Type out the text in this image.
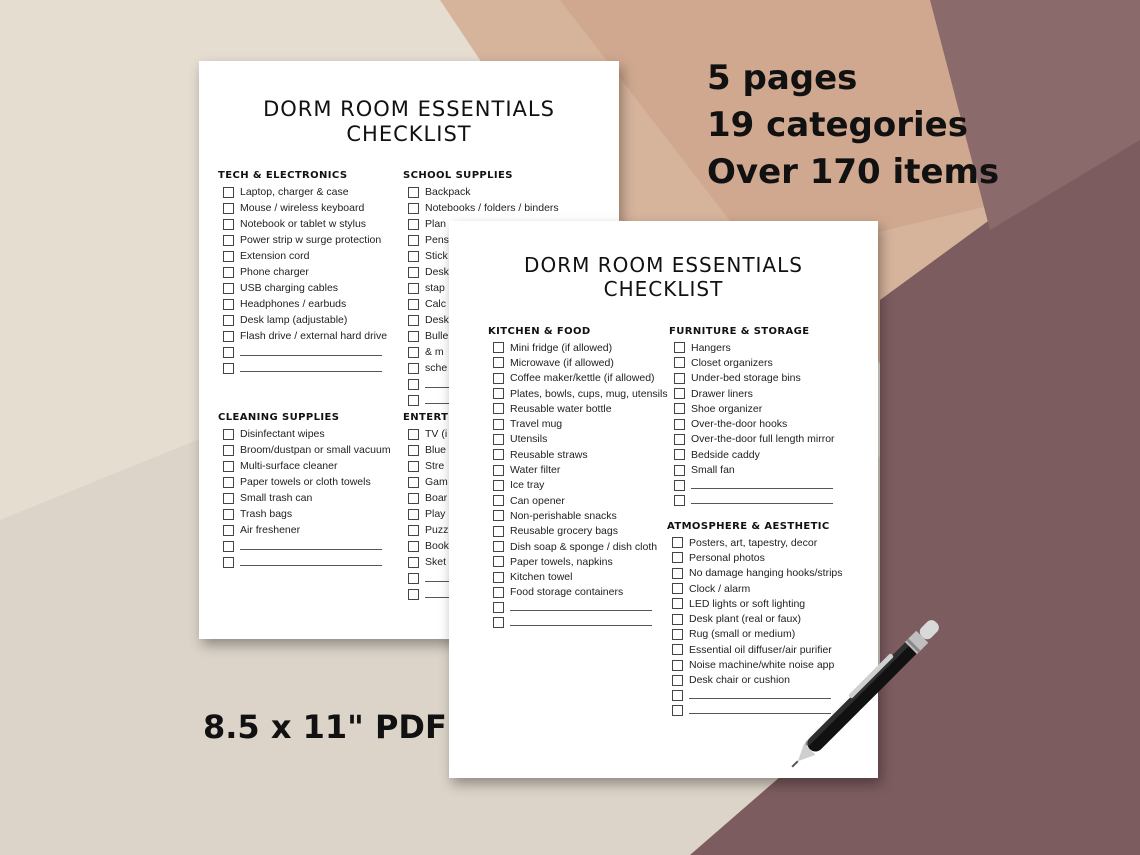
DORM ROOM ESSENTIALS
CHECKLIST
TECH & ELECTRONICS
Laptop, charger & case
Mouse / wireless keyboard
Notebook or tablet w stylus
Power strip w surge protection
Extension cord
Phone charger
USB charging cables
Headphones / earbuds
Desk lamp (adjustable)
Flash drive / external hard drive
SCHOOL SUPPLIES
Backpack
Notebooks / folders / binders
Plan
Pens
Stick
Desk
stap
Calc
Desk
Bulle
& m
sche
CLEANING SUPPLIES
Disinfectant wipes
Broom/dustpan or small vacuum
Multi-surface cleaner
Paper towels or cloth towels
Small trash can
Trash bags
Air freshener
ENTERT
TV (i
Blue
Stre
Gam
Boar
Play
Puzz
Book
Sket
DORM ROOM ESSENTIALS
CHECKLIST
KITCHEN & FOOD
Mini fridge (if allowed)
Microwave (if allowed)
Coffee maker/kettle (if allowed)
Plates, bowls, cups, mug, utensils
Reusable water bottle
Travel mug
Utensils
Reusable straws
Water filter
Ice tray
Can opener
Non-perishable snacks
Reusable grocery bags
Dish soap & sponge / dish cloth
Paper towels, napkins
Kitchen towel
Food storage containers
FURNITURE & STORAGE
Hangers
Closet organizers
Under-bed storage bins
Drawer liners
Shoe organizer
Over-the-door hooks
Over-the-door full length mirror
Bedside caddy
Small fan
ATMOSPHERE & AESTHETIC
Posters, art, tapestry, decor
Personal photos
No damage hanging hooks/strips
Clock / alarm
LED lights or soft lighting
Desk plant (real or faux)
Rug (small or medium)
Essential oil diffuser/air purifier
Noise machine/white noise app
Desk chair or cushion
5 pages
19 categories
Over 170 items
8.5 x 11" PDF
